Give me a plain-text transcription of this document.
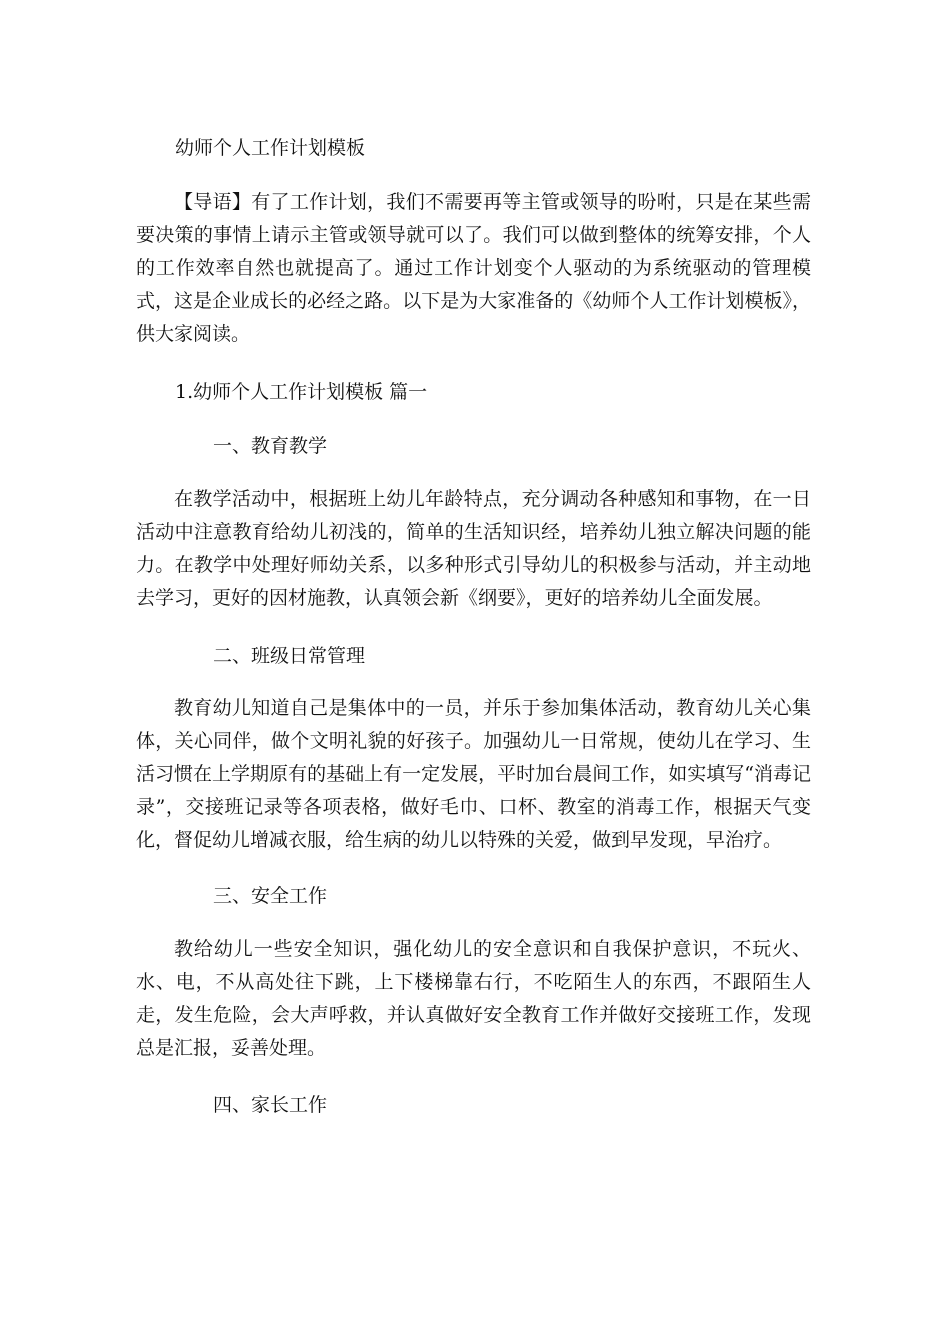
幼师个人工作计划模板

【导语】有了工作计划，我们不需要再等主管或领导的吩咐，只是在某些需要决策的事情上请示主管或领导就可以了。我们可以做到整体的统筹安排，个人的工作效率自然也就提高了。通过工作计划变个人驱动的为系统驱动的管理模式，这是企业成长的必经之路。以下是为大家准备的《幼师个人工作计划模板》，供大家阅读。

1.幼师个人工作计划模板 篇一

一、教育教学

在教学活动中，根据班上幼儿年龄特点，充分调动各种感知和事物，在一日活动中注意教育给幼儿初浅的，简单的生活知识经，培养幼儿独立解决问题的能力。在教学中处理好师幼关系，以多种形式引导幼儿的积极参与活动，并主动地去学习，更好的因材施教，认真领会新《纲要》，更好的培养幼儿全面发展。

二、班级日常管理

教育幼儿知道自己是集体中的一员，并乐于参加集体活动，教育幼儿关心集体，关心同伴，做个文明礼貌的好孩子。加强幼儿一日常规，使幼儿在学习、生活习惯在上学期原有的基础上有一定发展，平时加台晨间工作，如实填写“消毒记录”，交接班记录等各项表格，做好毛巾、口杯、教室的消毒工作，根据天气变化，督促幼儿增减衣服，给生病的幼儿以特殊的关爱，做到早发现，早治疗。

三、安全工作

教给幼儿一些安全知识，强化幼儿的安全意识和自我保护意识，不玩火、水、电，不从高处往下跳，上下楼梯靠右行，不吃陌生人的东西，不跟陌生人走，发生危险，会大声呼救，并认真做好安全教育工作并做好交接班工作，发现总是汇报，妥善处理。

四、家长工作
